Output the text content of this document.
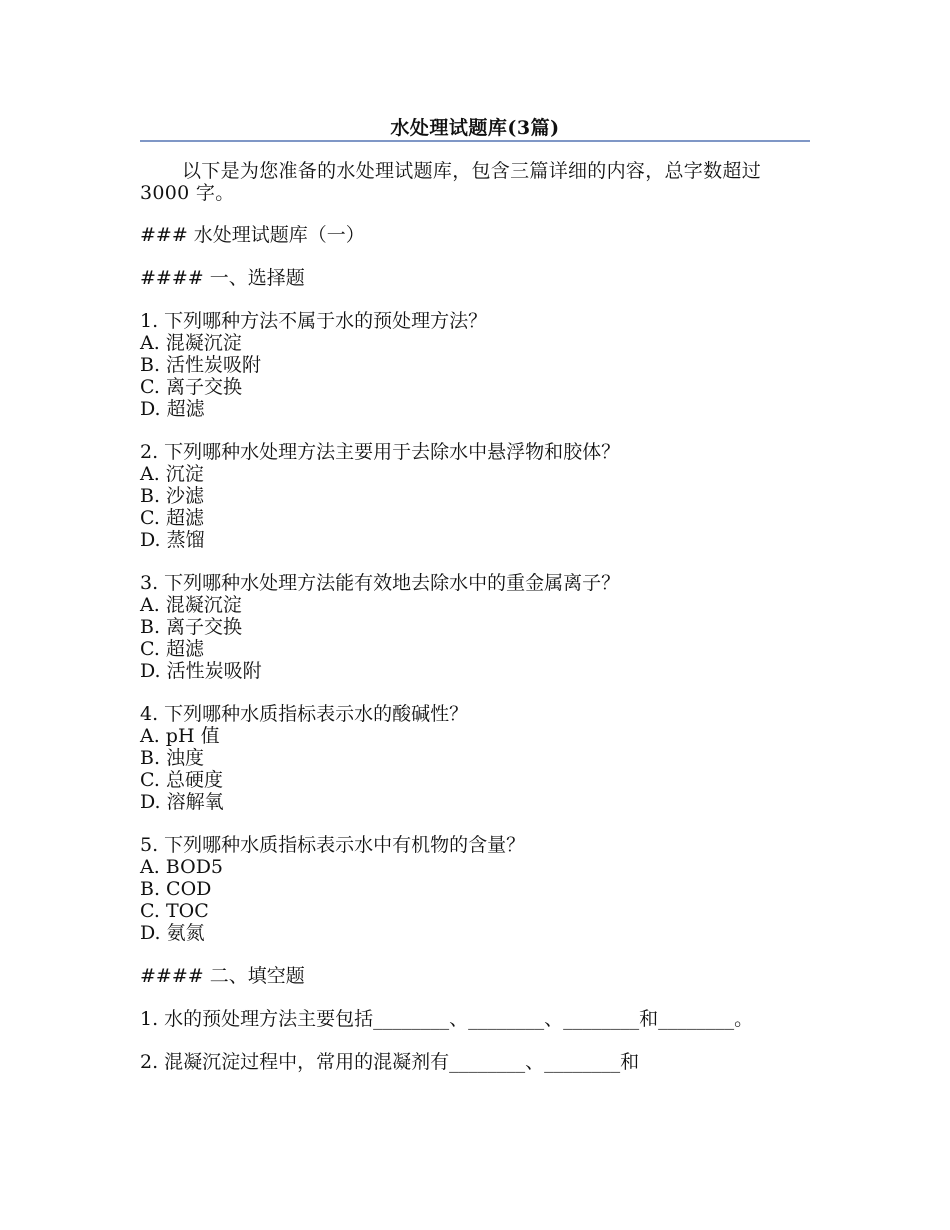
水处理试题库(3篇)

以下是为您准备的水处理试题库，包含三篇详细的内容，总字数超过 3000 字。

### 水处理试题库（一）

#### 一、选择题

1. 下列哪种方法不属于水的预处理方法？

A. 混凝沉淀

B. 活性炭吸附

C. 离子交换

D. 超滤

2. 下列哪种水处理方法主要用于去除水中悬浮物和胶体？

A. 沉淀

B. 沙滤

C. 超滤

D. 蒸馏

3. 下列哪种水处理方法能有效地去除水中的重金属离子？

A. 混凝沉淀

B. 离子交换

C. 超滤

D. 活性炭吸附

4. 下列哪种水质指标表示水的酸碱性？

A. pH 值

B. 浊度

C. 总硬度

D. 溶解氧

5. 下列哪种水质指标表示水中有机物的含量？

A. BOD5

B. COD

C. TOC

D. 氨氮

#### 二、填空题

1. 水的预处理方法主要包括________、________、________和________。

2. 混凝沉淀过程中，常用的混凝剂有________、________和
